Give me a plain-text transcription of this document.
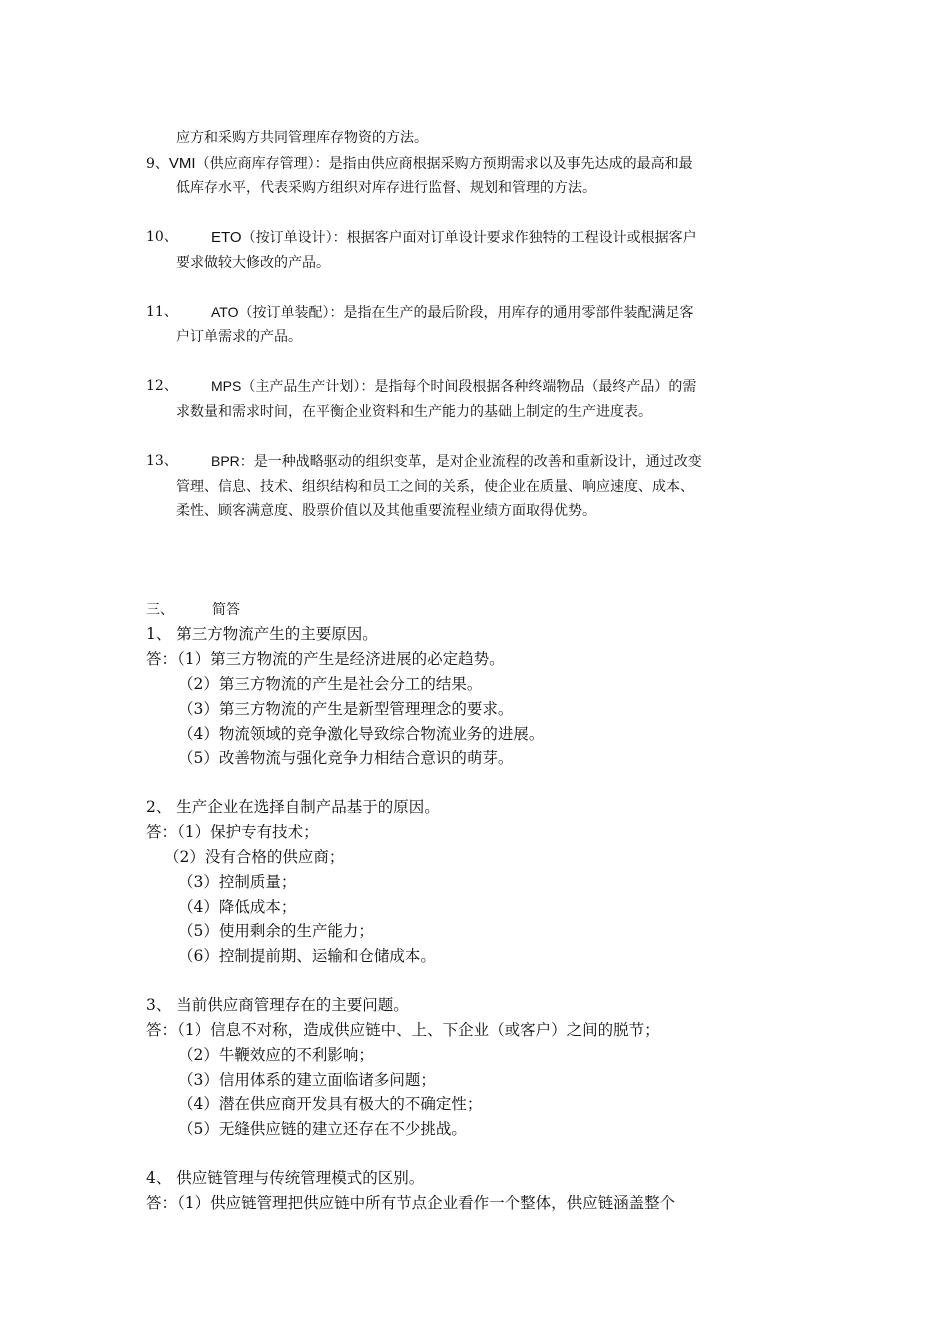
应方和采购方共同管理库存物资的方法。
9、VMI（供应商库存管理）：是指由供应商根据采购方预期需求以及事先达成的最高和最
低库存水平，代表采购方组织对库存进行监督、规划和管理的方法。
10、 ETO（按订单设计）：根据客户面对订单设计要求作独特的工程设计或根据客户
要求做较大修改的产品。
11、 ATO（按订单装配）：是指在生产的最后阶段，用库存的通用零部件装配满足客
户订单需求的产品。
12、 MPS（主产品生产计划）：是指每个时间段根据各种终端物品（最终产品）的需
求数量和需求时间，在平衡企业资料和生产能力的基础上制定的生产进度表。
13、 BPR：是一种战略驱动的组织变革，是对企业流程的改善和重新设计，通过改变
管理、信息、技术、组织结构和员工之间的关系，使企业在质量、响应速度、成本、
柔性、顾客满意度、股票价值以及其他重要流程业绩方面取得优势。
三、	简答
1、 第三方物流产生的主要原因。
答：（1）第三方物流的产生是经济进展的必定趋势。
（2）第三方物流的产生是社会分工的结果。
（3）第三方物流的产生是新型管理理念的要求。
（4）物流领域的竞争激化导致综合物流业务的进展。
（5）改善物流与强化竞争力相结合意识的萌芽。
2、 生产企业在选择自制产品基于的原因。
答：（1）保护专有技术；
（2）没有合格的供应商；
（3）控制质量；
（4）降低成本；
（5）使用剩余的生产能力；
（6）控制提前期、运输和仓储成本。
3、 当前供应商管理存在的主要问题。
答：（1）信息不对称，造成供应链中、上、下企业（或客户）之间的脱节；
（2）牛鞭效应的不利影响；
（3）信用体系的建立面临诸多问题；
（4）潜在供应商开发具有极大的不确定性；
（5）无缝供应链的建立还存在不少挑战。
4、 供应链管理与传统管理模式的区别。
答：（1）供应链管理把供应链中所有节点企业看作一个整体，供应链涵盖整个
